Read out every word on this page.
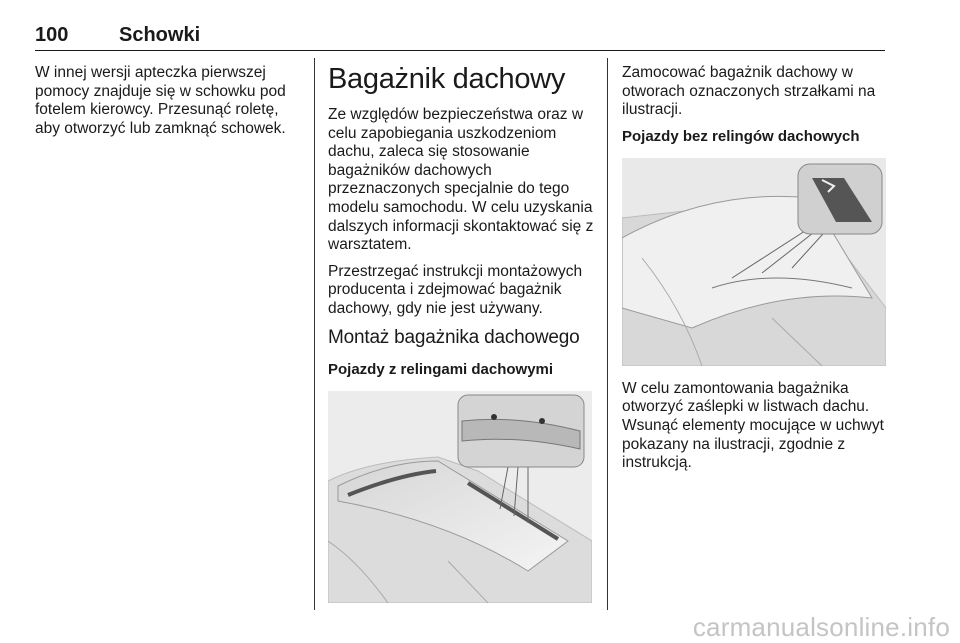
100	Schowki

W innej wersji apteczka pierwszej pomocy znajduje się w schowku pod fotelem kierowcy. Przesunąć roletę, aby otworzyć lub zamknąć schowek.

Bagażnik dachowy

Ze względów bezpieczeństwa oraz w celu zapobiegania uszkodzeniom dachu, zaleca się stosowanie bagażników dachowych przeznaczonych specjalnie do tego modelu samochodu. W celu uzyskania dalszych informacji skontaktować się z warsztatem.

Przestrzegać instrukcji montażowych producenta i zdejmować bagażnik dachowy, gdy nie jest używany.

Montaż bagażnika dachowego
Pojazdy z relingami dachowymi

Zamocować bagażnik dachowy w otworach oznaczonych strzałkami na ilustracji.

Pojazdy bez relingów dachowych

W celu zamontowania bagażnika otworzyć zaślepki w listwach dachu. Wsunąć elementy mocujące w uchwyt pokazany na ilustracji, zgodnie z instrukcją.

carmanualsonline.info
